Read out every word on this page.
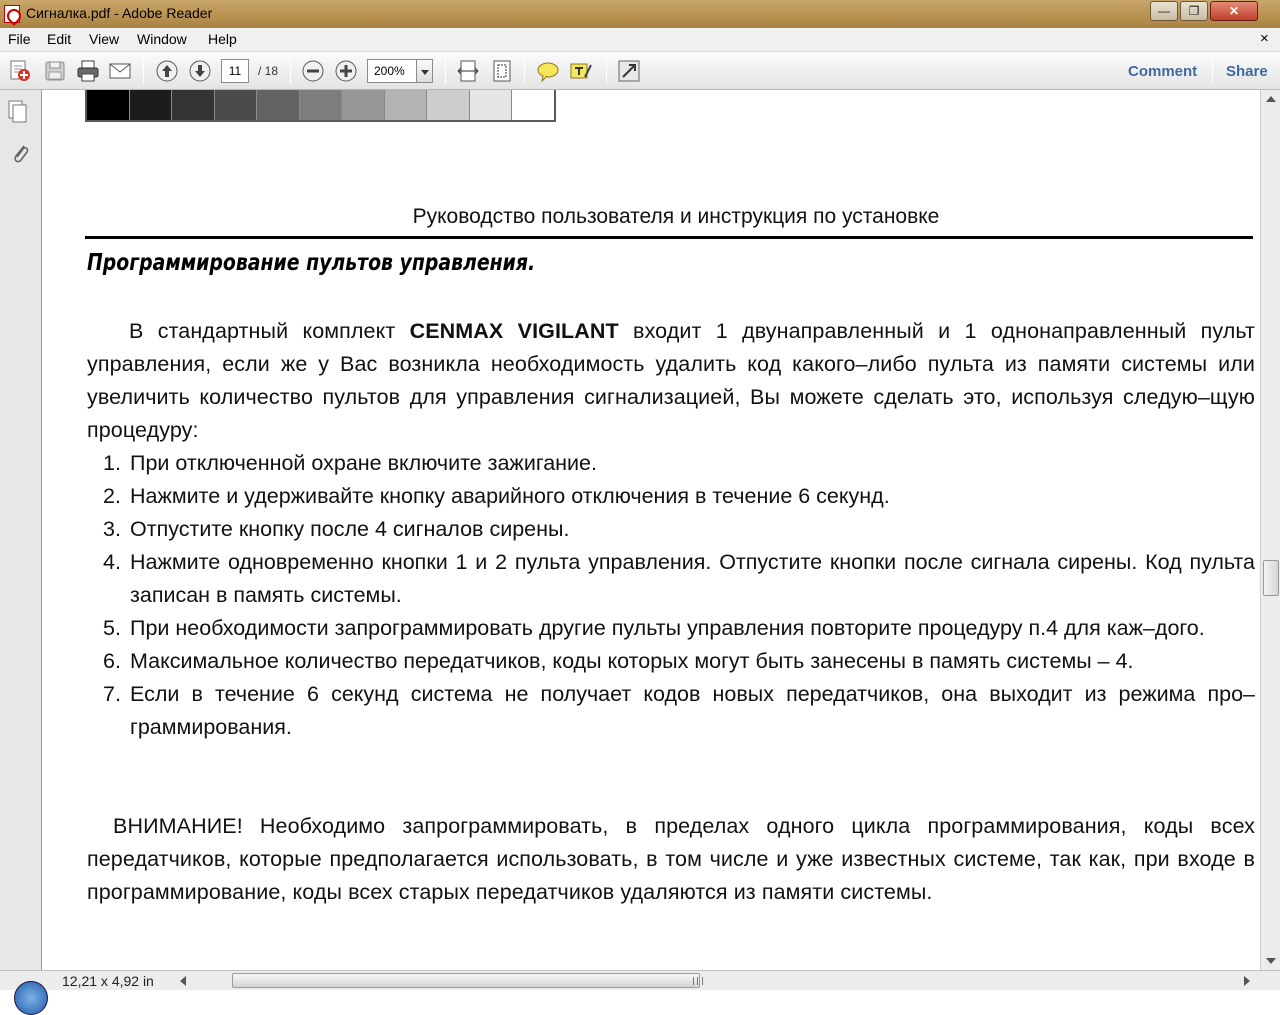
Сигналка.pdf - Adobe Reader	—	❐	✕
File Edit View Window Help	×
11	/ 18	200%	Comment Share
Руководство пользователя и инструкция по установке
Программирование пультов управления.

В стандартный комплект CENMAX VIGILANT входит 1 двунаправленный и 1 однонаправленный пульт управления, если же у Вас возникла необходимость удалить код какого–либо пульта из памяти системы или увеличить количество пультов для управления сигнализацией, Вы можете сделать это, используя следую–щую процедуру:

1. При отключенной охране включите зажигание.
2. Нажмите и удерживайте кнопку аварийного отключения в течение 6 секунд.
3. Отпустите кнопку после 4 сигналов сирены.
4. Нажмите одновременно кнопки 1 и 2 пульта управления. Отпустите кнопки после сигнала сирены. Код пульта записан в память системы.
5. При необходимости запрограммировать другие пульты управления повторите процедуру п.4 для каж–дого.
6. Максимальное количество передатчиков, коды которых могут быть занесены в память системы – 4.
7. Если в течение 6 секунд система не получает кодов новых передатчиков, она выходит из режима про–граммирования.

ВНИМАНИЕ! Необходимо запрограммировать, в пределах одного цикла программирования, коды всех передатчиков, которые предполагается использовать, в том числе и уже известных системе, так как, при входе в программирование, коды всех старых передатчиков удаляются из памяти системы.

12,21 x 4,92 in
